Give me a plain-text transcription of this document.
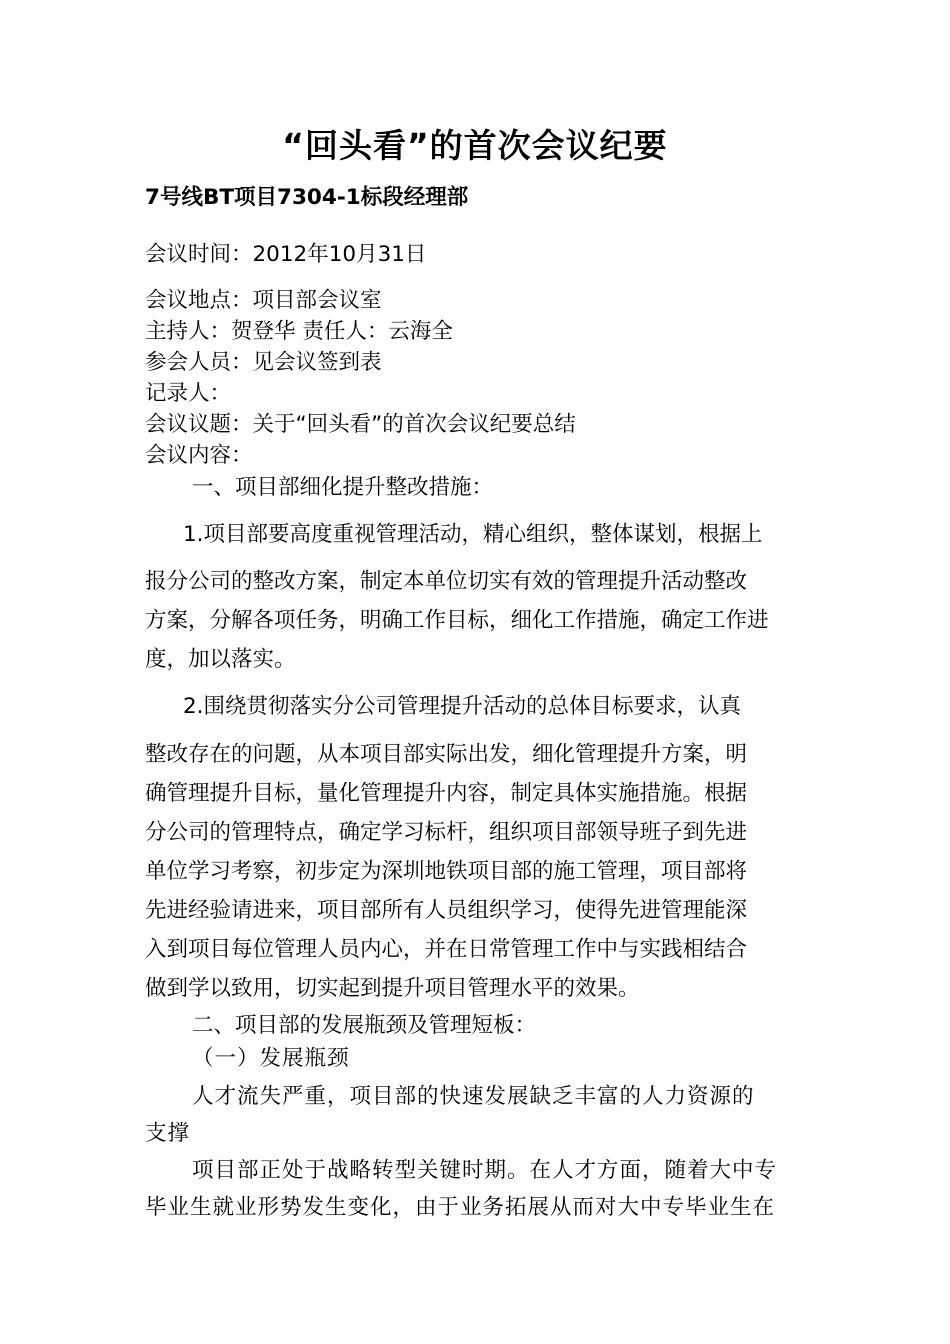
“回头看”的首次会议纪要
7号线BT项目7304-1标段经理部
会议时间：2012年10月31日
会议地点：项目部会议室
主持人：贺登华 责任人：云海全
参会人员：见会议签到表
记录人：
会议议题：关于“回头看”的首次会议纪要总结
会议内容：
一、项目部细化提升整改措施：
1.项目部要高度重视管理活动，精心组织，整体谋划，根据上
报分公司的整改方案，制定本单位切实有效的管理提升活动整改
方案，分解各项任务，明确工作目标，细化工作措施，确定工作进
度，加以落实。
2.围绕贯彻落实分公司管理提升活动的总体目标要求，认真
整改存在的问题，从本项目部实际出发，细化管理提升方案，明
确管理提升目标，量化管理提升内容，制定具体实施措施。根据
分公司的管理特点，确定学习标杆，组织项目部领导班子到先进
单位学习考察，初步定为深圳地铁项目部的施工管理，项目部将
先进经验请进来，项目部所有人员组织学习，使得先进管理能深
入到项目每位管理人员内心，并在日常管理工作中与实践相结合
做到学以致用，切实起到提升项目管理水平的效果。
二、项目部的发展瓶颈及管理短板：
（一）发展瓶颈
人才流失严重，项目部的快速发展缺乏丰富的人力资源的
支撑
项目部正处于战略转型关键时期。在人才方面，随着大中专
毕业生就业形势发生变化，由于业务拓展从而对大中专毕业生在
